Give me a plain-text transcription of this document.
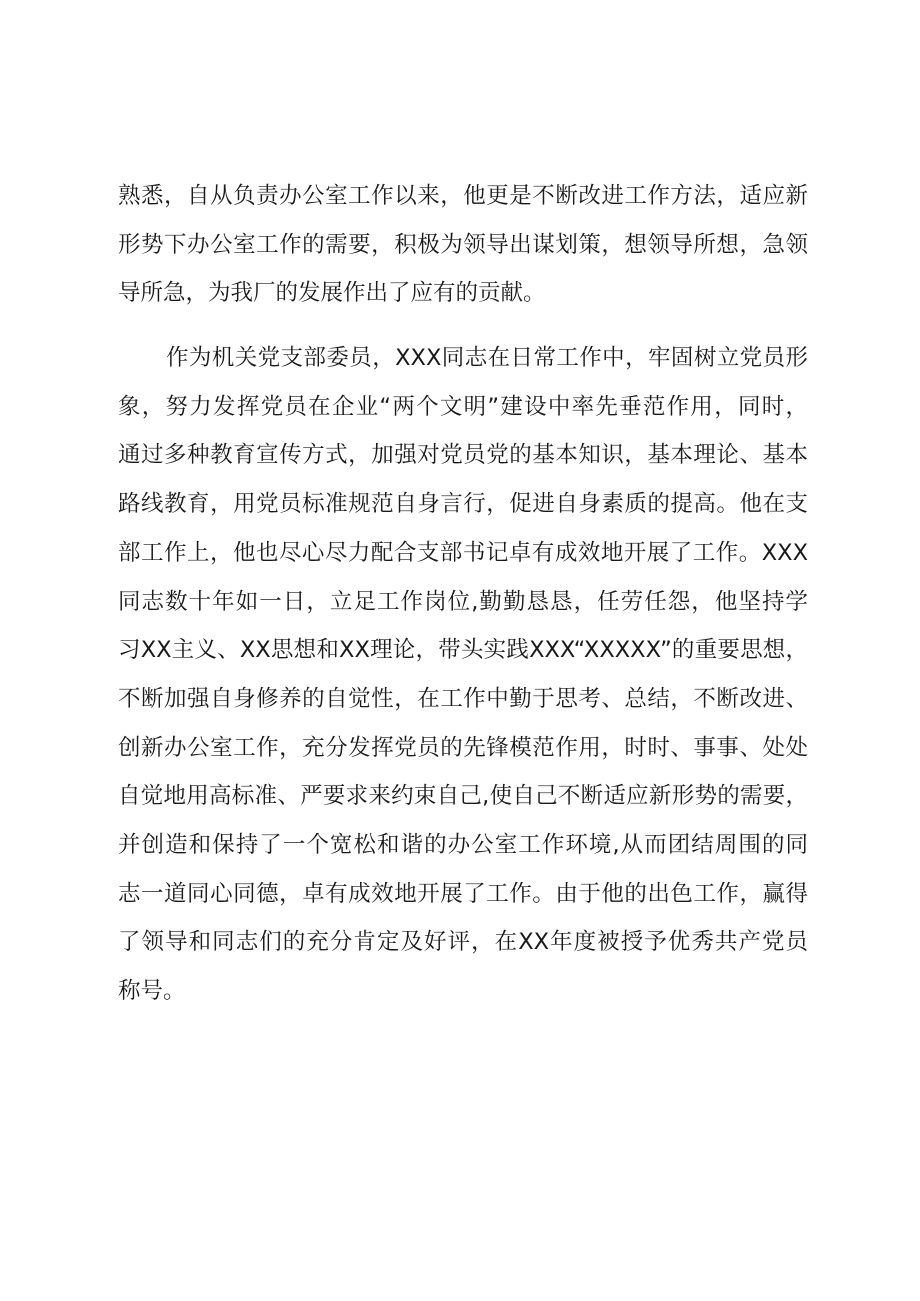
熟悉，自从负责办公室工作以来，他更是不断改进工作方法，适应新
形势下办公室工作的需要，积极为领导出谋划策，想领导所想，急领
导所急，为我厂的发展作出了应有的贡献。
作为机关党支部委员，XXX同志在日常工作中，牢固树立党员形
象，努力发挥党员在企业“两个文明”建设中率先垂范作用，同时，
通过多种教育宣传方式，加强对党员党的基本知识，基本理论、基本
路线教育，用党员标准规范自身言行，促进自身素质的提高。他在支
部工作上，他也尽心尽力配合支部书记卓有成效地开展了工作。XXX
同志数十年如一日，立足工作岗位,勤勤恳恳，任劳任怨，他坚持学
习XX主义、XX思想和XX理论，带头实践XXX“XXXXX”的重要思想，
不断加强自身修养的自觉性，在工作中勤于思考、总结，不断改进、
创新办公室工作，充分发挥党员的先锋模范作用，时时、事事、处处
自觉地用高标准、严要求来约束自己,使自己不断适应新形势的需要，
并创造和保持了一个宽松和谐的办公室工作环境,从而团结周围的同
志一道同心同德，卓有成效地开展了工作。由于他的出色工作，赢得
了领导和同志们的充分肯定及好评，在XX年度被授予优秀共产党员
称号。
